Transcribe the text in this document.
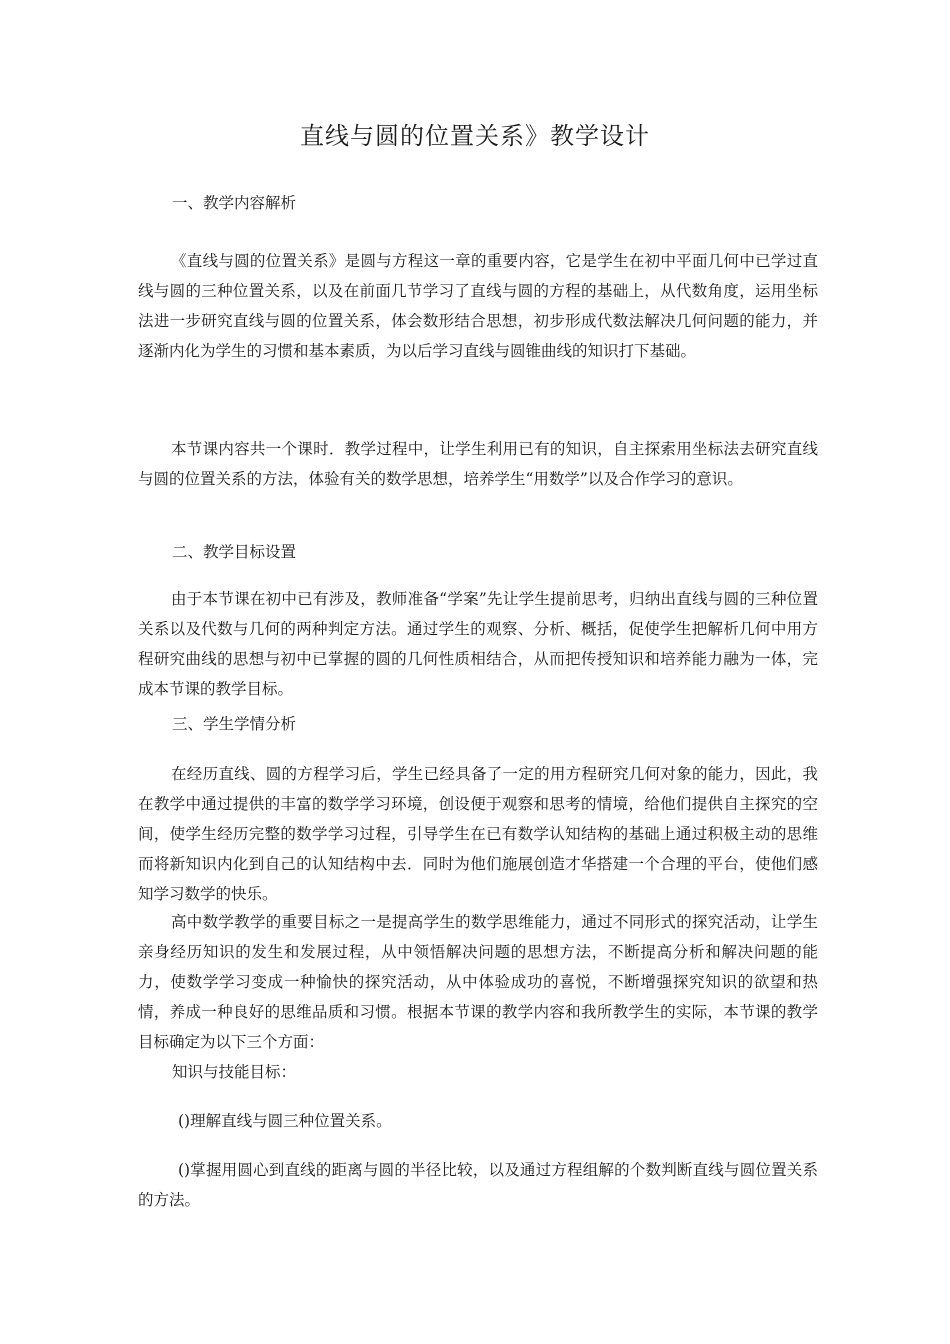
直线与圆的位置关系》教学设计
一、教学内容解析
《直线与圆的位置关系》是圆与方程这一章的重要内容，它是学生在初中平面几何中已学过直线与圆的三种位置关系，以及在前面几节学习了直线与圆的方程的基础上，从代数角度，运用坐标法进一步研究直线与圆的位置关系，体会数形结合思想，初步形成代数法解决几何问题的能力，并逐渐内化为学生的习惯和基本素质，为以后学习直线与圆锥曲线的知识打下基础。
本节课内容共一个课时．教学过程中，让学生利用已有的知识，自主探索用坐标法去研究直线与圆的位置关系的方法，体验有关的数学思想，培养学生“用数学”以及合作学习的意识。
二、教学目标设置
由于本节课在初中已有涉及，教师准备“学案”先让学生提前思考，归纳出直线与圆的三种位置关系以及代数与几何的两种判定方法。通过学生的观察、分析、概括，促使学生把解析几何中用方程研究曲线的思想与初中已掌握的圆的几何性质相结合，从而把传授知识和培养能力融为一体，完成本节课的教学目标。
三、学生学情分析
在经历直线、圆的方程学习后，学生已经具备了一定的用方程研究几何对象的能力，因此，我在教学中通过提供的丰富的数学学习环境，创设便于观察和思考的情境，给他们提供自主探究的空间，使学生经历完整的数学学习过程，引导学生在已有数学认知结构的基础上通过积极主动的思维而将新知识内化到自己的认知结构中去．同时为他们施展创造才华搭建一个合理的平台，使他们感知学习数学的快乐。
高中数学教学的重要目标之一是提高学生的数学思维能力，通过不同形式的探究活动，让学生亲身经历知识的发生和发展过程，从中领悟解决问题的思想方法，不断提高分析和解决问题的能力，使数学学习变成一种愉快的探究活动，从中体验成功的喜悦，不断增强探究知识的欲望和热情，养成一种良好的思维品质和习惯。根据本节课的教学内容和我所教学生的实际，本节课的教学目标确定为以下三个方面：
知识与技能目标：
()理解直线与圆三种位置关系。
()掌握用圆心到直线的距离与圆的半径比较，以及通过方程组解的个数判断直线与圆位置关系的方法。
